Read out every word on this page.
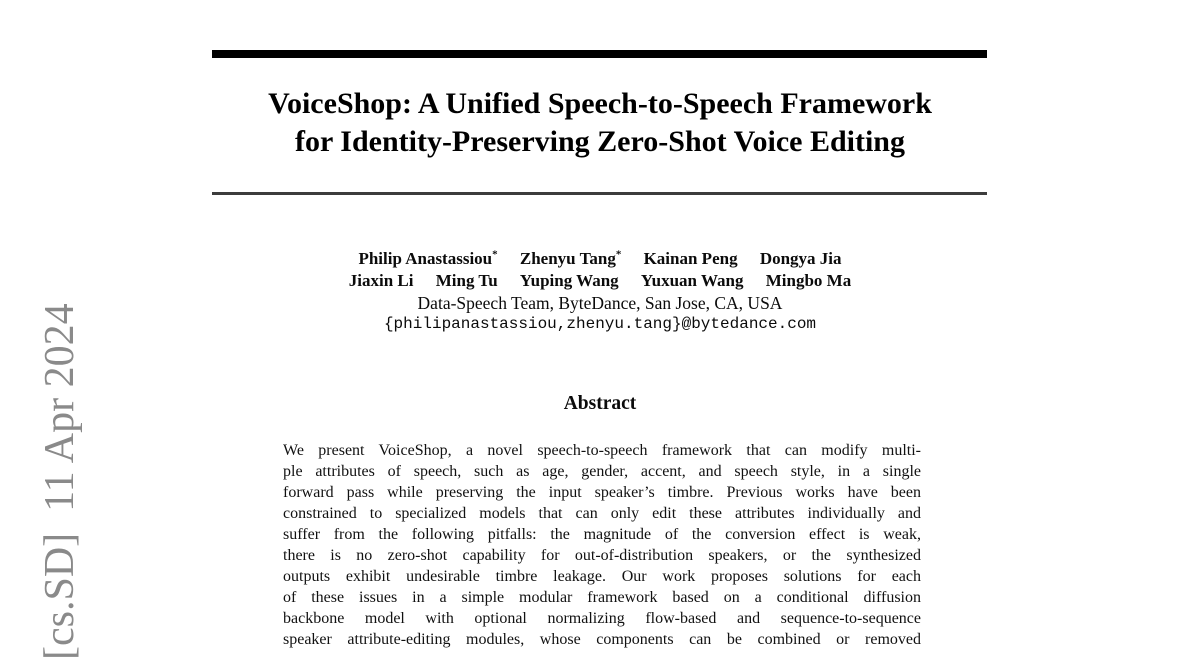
[cs.SD]  11 Apr 2024
VoiceShop: A Unified Speech-to-Speech Framework
for Identity-Preserving Zero-Shot Voice Editing
Philip Anastassiou* Zhenyu Tang* Kainan Peng Dongya Jia
Jiaxin Li Ming Tu Yuping Wang Yuxuan Wang Mingbo Ma
Data-Speech Team, ByteDance, San Jose, CA, USA
{philipanastassiou,zhenyu.tang}@bytedance.com
Abstract
We present VoiceShop, a novel speech-to-speech framework that can modify multi-
ple attributes of speech, such as age, gender, accent, and speech style, in a single
forward pass while preserving the input speaker’s timbre. Previous works have been
constrained to specialized models that can only edit these attributes individually and
suffer from the following pitfalls: the magnitude of the conversion effect is weak,
there is no zero-shot capability for out-of-distribution speakers, or the synthesized
outputs exhibit undesirable timbre leakage. Our work proposes solutions for each
of these issues in a simple modular framework based on a conditional diffusion
backbone model with optional normalizing flow-based and sequence-to-sequence
speaker attribute-editing modules, whose components can be combined or removed
